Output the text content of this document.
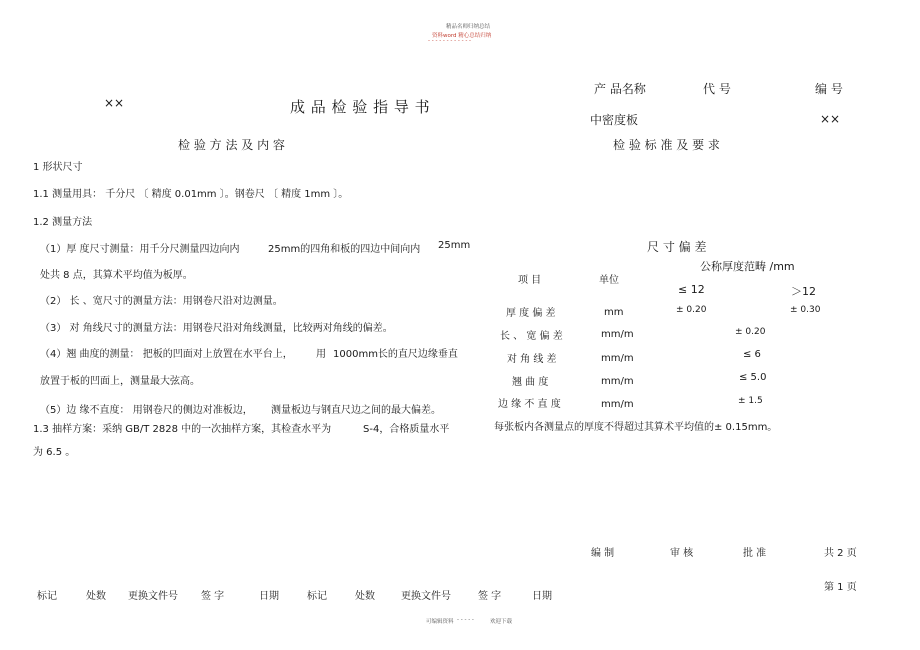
精品名师归纳总结
资料word 精心总结归纳
- - - - - - - - - - - -
××	成 品 检 验 指 导 书
产 品名称	代 号	编 号
中密度板	××
检 验 方 法 及 内 容
1 形状尺寸
1.1 测量用具： 千分尺 〔 精度 0.01mm 〕。钢卷尺 〔 精度 1mm 〕。
1.2 测量方法
（1）厚 度尺寸测量：用千分尺测量四边向内	25mm的四角和板的四边中间向内 25mm
处共 8 点，其算术平均值为板厚。
（2） 长 、宽尺寸的测量方法：用钢卷尺沿对边测量。
（3） 对 角线尺寸的测量方法：用钢卷尺沿对角线测量，比较两对角线的偏差。
（4）翘 曲度的测量： 把板的凹面对上放置在水平台上， 用 1000mm长的直尺边缘垂直
放置于板的凹面上，测量最大弦高。
（5）边 缘不直度： 用钢卷尺的侧边对准板边， 测量板边与钢直尺边之间的最大偏差。
1.3 抽样方案：采纳 GB/T 2828 中的一次抽样方案，其检查水平为	S-4，合格质量水平
为 6.5 。
检 验 标 准 及 要 求
尺 寸 偏 差
公称厚度范畴 /mm
项 目	单位
≤ 12	＞12
厚 度 偏 差	mm	± 0.20	± 0.30
长 、 宽 偏 差	mm/m	± 0.20
对 角 线 差	mm/m	≤ 6
翘 曲 度	mm/m	≤ 5.0
边 缘 不 直 度	mm/m	± 1.5
每张板内各测量点的厚度不得超过其算术平均值的± 0.15mm。
编 制	审 核	批 准	共 2 页
第 1 页
标记	处数 更换文件号 签 字	日期	标记	处数	更换文件号	签 字	日期
可编辑资料 - - - - -	欢迎下载
